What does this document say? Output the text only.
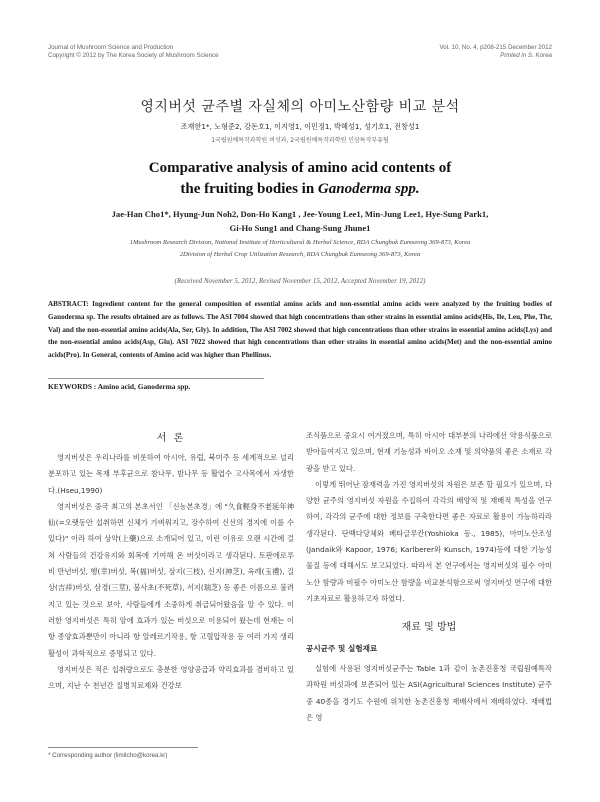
Journal of Mushroom Science and Production
Copyright © 2012 by The Korea Society of Mushroom Science
Vol. 10, No. 4, p208-215 December 2012
Printed in S. Korea
영지버섯 균주별 자실체의 아미노산함량 비교 분석
조재한1*, 노형준2, 강돈호1, 이지영1, 이민정1, 박혜성1, 성기호1, 전창성1
1국립원예특작과학원 버섯과, 2국립원예특작과학원 인삼특작부유팀
Comparative analysis of amino acid contents of
the fruiting bodies in Ganoderma spp.
Jae-Han Cho1*, Hyung-Jun Noh2, Don-Ho Kang1 , Jee-Young Lee1, Min-Jung Lee1, Hye-Sung Park1,
Gi-Ho Sung1 and Chang-Sung Jhune1
1Mushroom Research Division, National Institute of Horticultural & Herbal Science, RDA Chungbuk Eumseong 369-873, Korea
2Division of Herbal Crop Utilization Research, RDA Chungbuk Eumseong 369-873, Korea
(Received November 5, 2012, Revised November 15, 2012, Accepted November 19, 2012)
ABSTRACT: Ingredient content for the general composition of essential amino acids and non-essential amino acids were analyzed by the fruiting bodies of Ganoderma sp. The results obtained are as follows. The ASI 7004 showed that high concentrations than other strains in essential amino acids(His, Ile, Leu, Phe, Thr, Val) and the non-essential amino acids(Ala, Ser, Gly). In addition, The ASI 7002 showed that high concentrations than other strains in essential amino acids(Lys) and the non-essential amino acids(Asp, Glu). ASI 7022 showed that high concentrations than other strains in essential amino acids(Met) and the non-essential amino acids(Pro). In General, contents of Amino acid was higher than Phellinus.
KEYWORDS : Amino acid, Ganoderma spp.
서 론

영지버섯은 우리나라를 비롯하여 아시아, 유럽, 북미주 등 세계적으로 널리 분포하고 있는 목재 부후균으로 참나무, 밤나무 등 활엽수 고사목에서 자생한다.(Hseu,1990)

영지버섯은 중국 최고의 본초서인 「신농본초경」에 "久食輕身不老延年神仙(=오랫동안 섭취하면 신체가 가벼워지고, 장수하여 신선의 경지에 이를 수 있다)" 이라 하여 상약(上藥)으로 소개되어 있고, 이런 이유로 오랜 시간에 걸쳐 사람들의 건강유지와 회복에 기여해 온 버섯이라고 생각된다. 토판에로루비 만년버섯, 행(幸)버섯, 복(福)버섯, 삼지(三枝), 신지(神芝), 옥례(玉禮), 길상(吉祥)버섯, 삼경(三莖), 불사초(不死草), 서지(瑞芝) 등 좋은 이름으로 불려지고 있는 것으로 보아, 사람들에게 소중하게 취급되어왔음을 알 수 있다. 이러한 영지버섯은 특히 암에 효과가 있는 버섯으로 이용되어 왔는데 현재는 이 항 종양효과뿐만이 아니라 항 알레르기작용, 항 고혈압작용 등 여러 가지 생리활성이 과학적으로 증명되고 있다.

영지버섯은 적은 섭취량으로도 충분한 영양공급과 약리효과를 겸비하고 있으며, 지난 수 천년간 질병치료제와 건강보

조식품으로 중요시 여겨졌으며, 특히 아시아 대부분의 나라에선 약용식품으로 받아들여지고 있으며, 현재 기능성과 바이오 소재 및 의약품의 좋은 소재로 각광을 받고 있다.

이렇게 뛰어난 잠재력을 가진 영지버섯의 자원은 보존 할 필요가 있으며, 다양한 균주의 영지버섯 자원을 수집하여 각각의 배양적 및 재배적 특성을 연구하여, 각각의 균주에 대한 정보를 구축한다면 좋은 자료로 활용이 가능하리라 생각된다. 단백다당체와 베타글루칸(Yoshioka 등., 1985), 아미노산조성(Jandaik와 Kapoor, 1976; Karlberer와 Kunsch, 1974)등에 대한 기능성 물질 등에 대해서도 보고되었다. 따라서 본 연구에서는 영지버섯의 필수 아미노산 함량과 비필수 아미노산 함량을 비교분석함으로써 영지버섯 연구에 대한 기초자료로 활용하고자 하였다.

재료 및 방법
공시균주 및 실험재료

실험에 사용된 영지버섯균주는 Table 1과 같이 농촌진흥청 국립원예특작과학원 버섯과에 보존되어 있는 ASI(Agricultural Sciences Institute) 균주 중 40종을 경기도 수원에 위치한 농촌진흥청 재배사에서 재배하였다. 재배법은 영

* Corresponding author (limitcho@korea.kr)
